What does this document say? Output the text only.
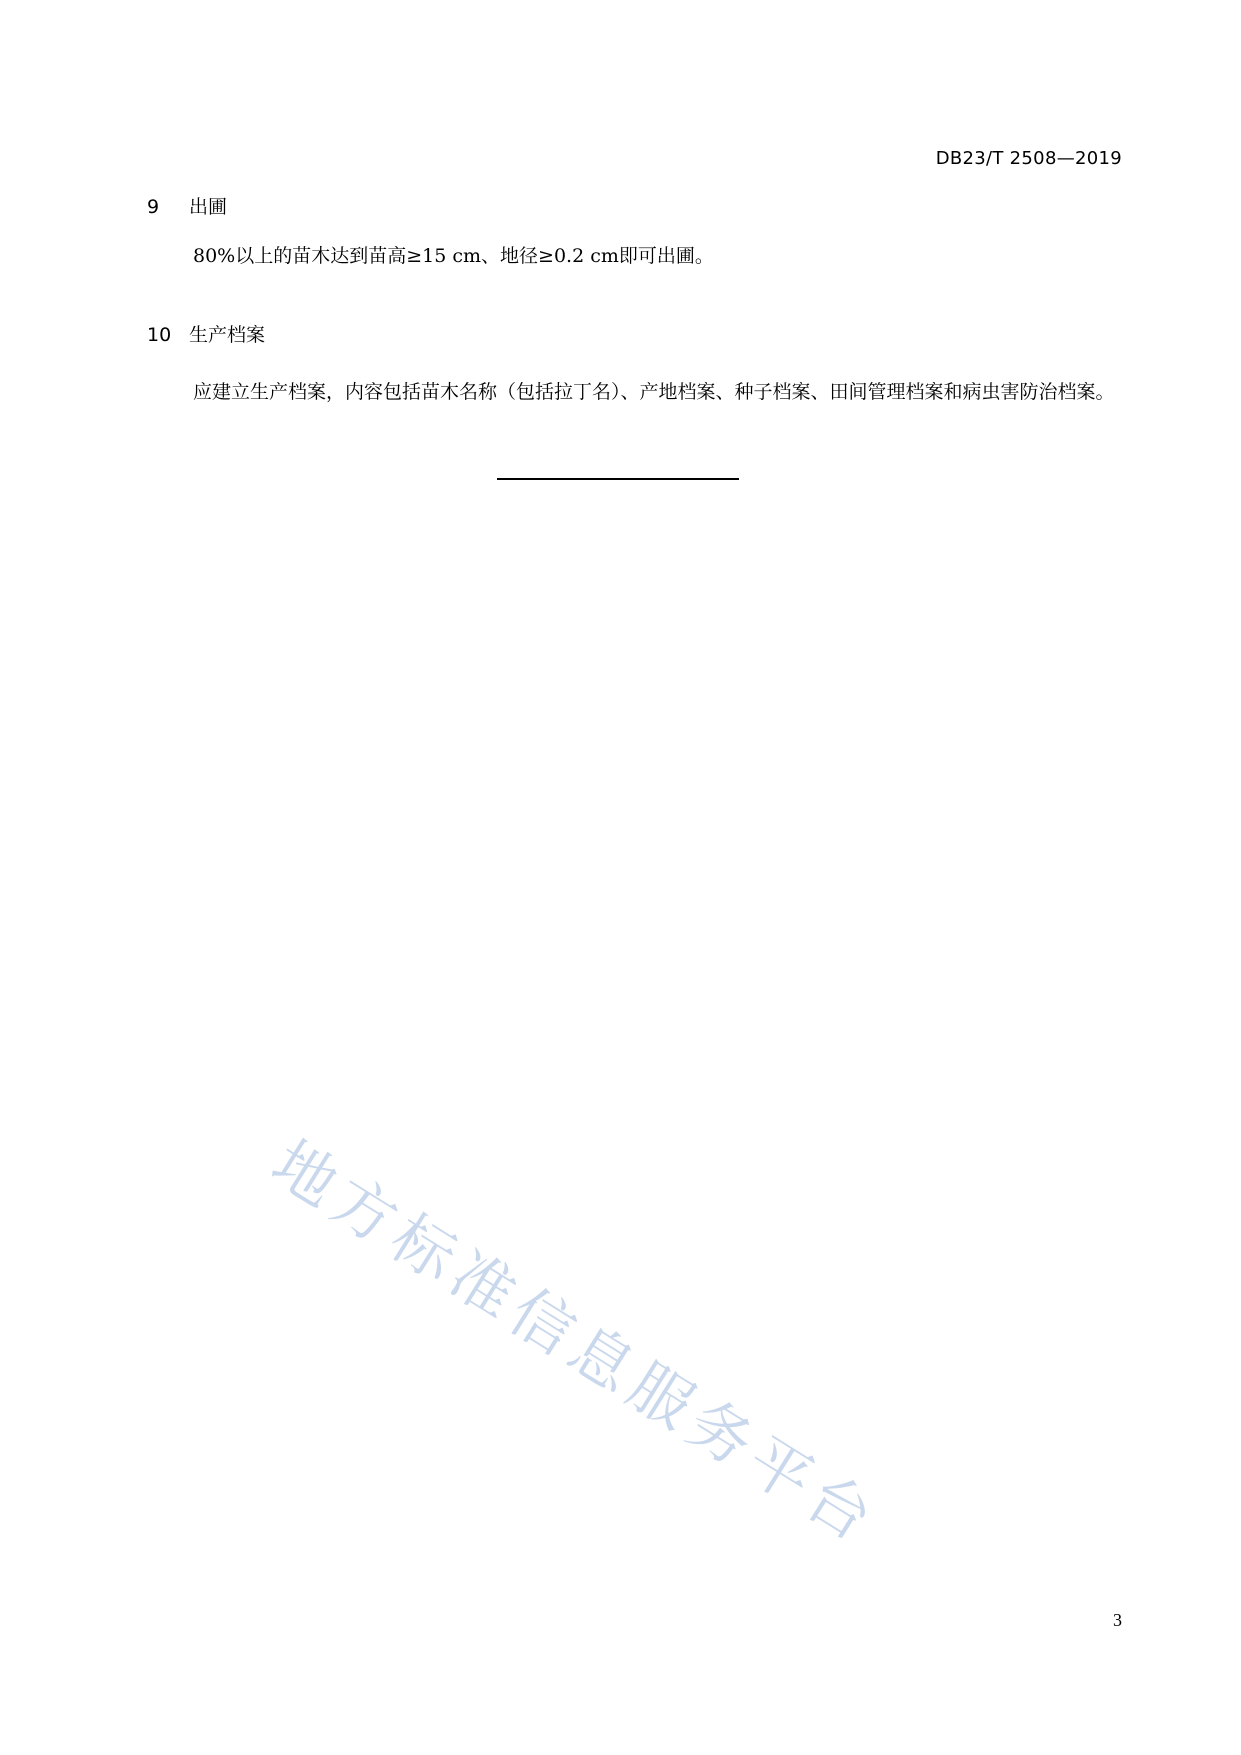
DB23/T 2508—2019
9 出圃

80%以上的苗木达到苗高≥15 cm、地径≥0.2 cm即可出圃。

10 生产档案

应建立生产档案，内容包括苗木名称（包括拉丁名）、产地档案、种子档案、田间管理档案和病虫害防治档案。

地方标准信息服务平台
3
